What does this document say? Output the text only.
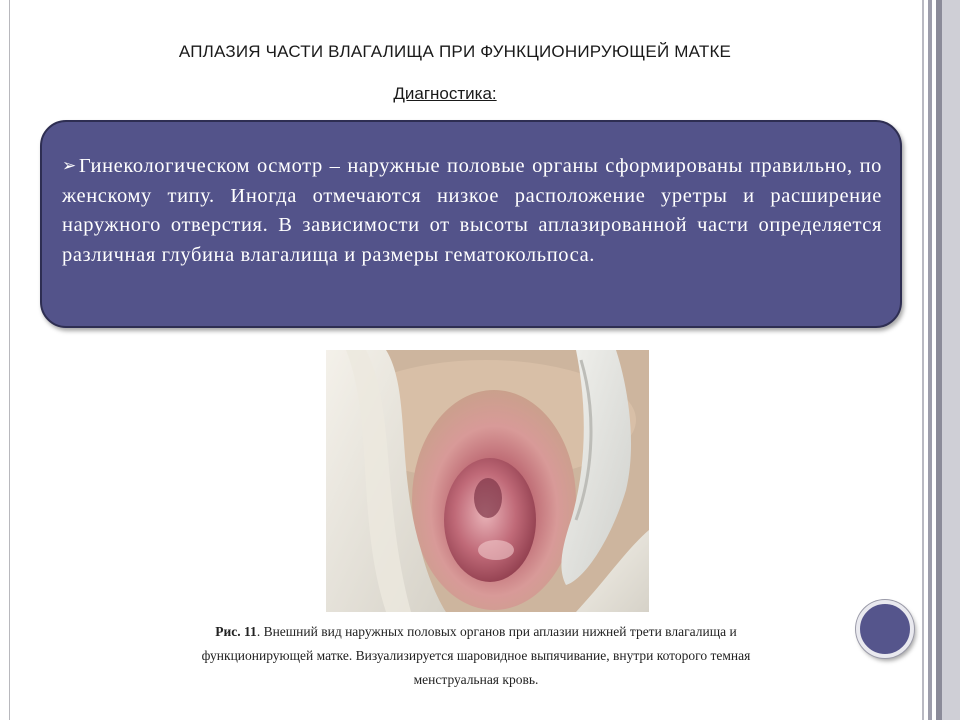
АПЛАЗИЯ ЧАСТИ ВЛАГАЛИЩА ПРИ ФУНКЦИОНИРУЮЩЕЙ МАТКЕ
Диагностика:

➢Гинекологическом осмотр – наружные половые органы сформированы правильно, по женскому типу. Иногда отмечаются низкое расположение уретры и расширение наружного отверстия. В зависимости от высоты аплазированной части определяется различная глубина влагалища и размеры гематокольпоса.

Рис. 11. Внешний вид наружных половых органов при аплазии нижней трети влагалища и функционирующей матке. Визуализируется шаровидное выпячивание, внутри которого темная менструальная кровь.
